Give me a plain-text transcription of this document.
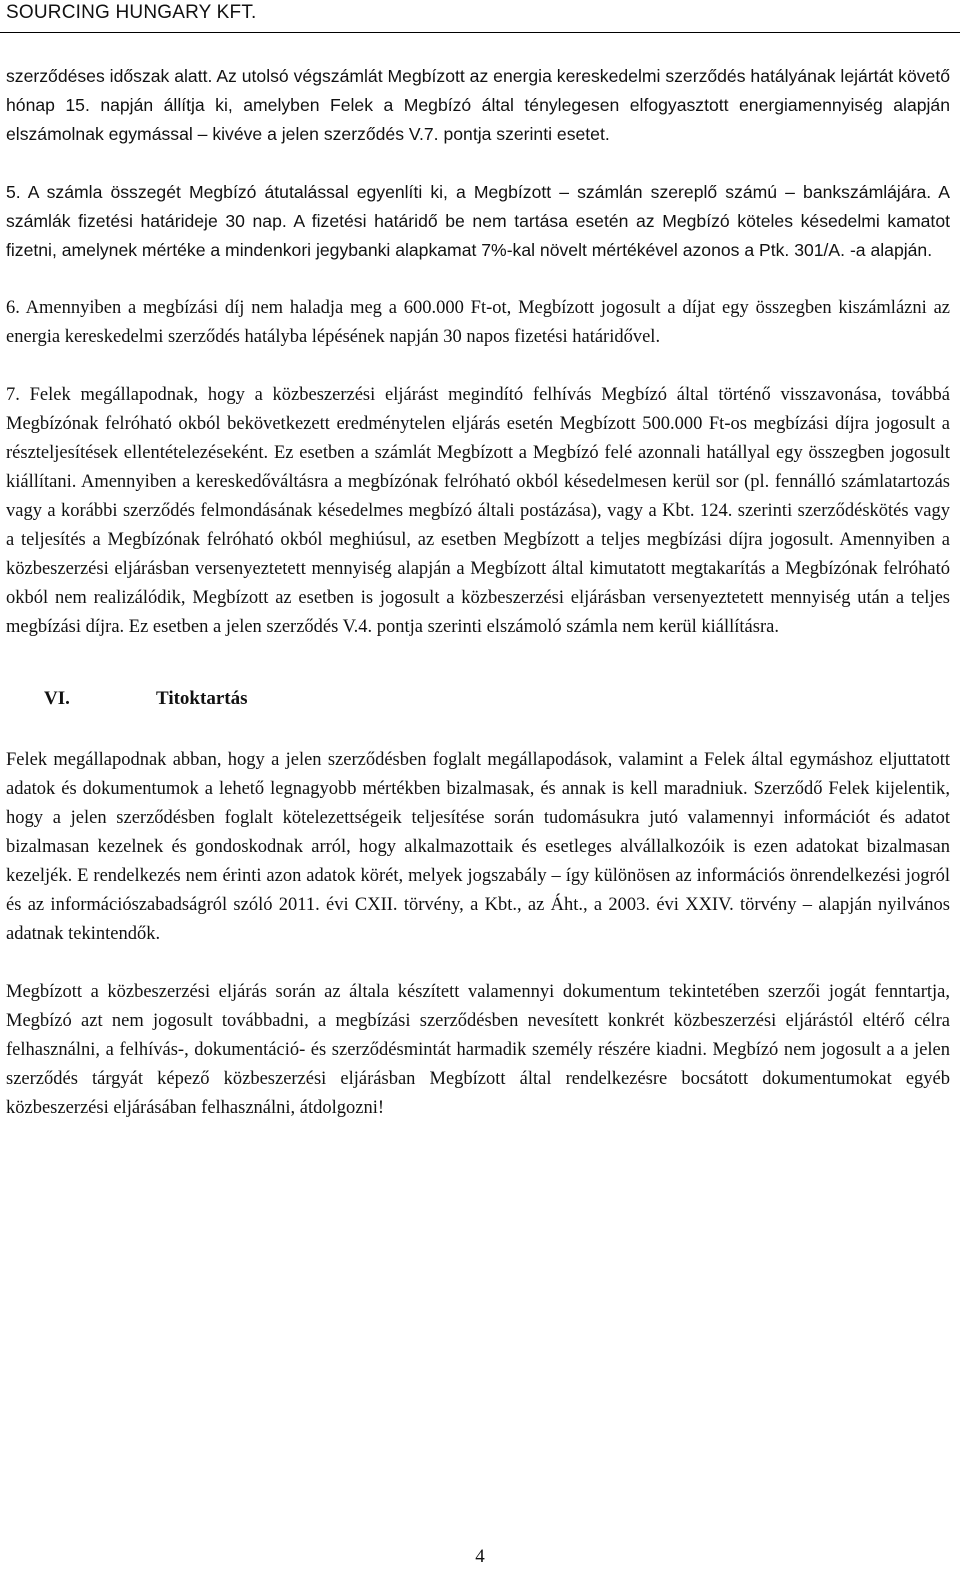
SOURCING HUNGARY KFT.

szerződéses időszak alatt. Az utolsó végszámlát Megbízott az energia kereskedelmi szerződés hatályának lejártát követő hónap 15. napján állítja ki, amelyben Felek a Megbízó által ténylegesen elfogyasztott energiamennyiség alapján elszámolnak egymással – kivéve a jelen szerződés V.7. pontja szerinti esetet.

5. A számla összegét Megbízó átutalással egyenlíti ki, a Megbízott – számlán szereplő számú – bankszámlájára. A számlák fizetési határideje 30 nap. A fizetési határidő be nem tartása esetén az Megbízó köteles késedelmi kamatot fizetni, amelynek mértéke a mindenkori jegybanki alapkamat 7%-kal növelt mértékével azonos a Ptk. 301/A. -a alapján.

6. Amennyiben a megbízási díj nem haladja meg a 600.000 Ft-ot, Megbízott jogosult a díjat egy összegben kiszámlázni az energia kereskedelmi szerződés hatályba lépésének napján 30 napos fizetési határidővel.

7. Felek megállapodnak, hogy a közbeszerzési eljárást megindító felhívás Megbízó által történő visszavonása, továbbá Megbízónak felróható okból bekövetkezett eredménytelen eljárás esetén Megbízott 500.000 Ft-os megbízási díjra jogosult a részteljesítések ellentételezéseként. Ez esetben a számlát Megbízott a Megbízó felé azonnali hatállyal egy összegben jogosult kiállítani. Amennyiben a kereskedőváltásra a megbízónak felróható okból késedelmesen kerül sor (pl. fennálló számlatartozás vagy a korábbi szerződés felmondásának késedelmes megbízó általi postázása), vagy a Kbt. 124. szerinti szerződéskötés vagy a teljesítés a Megbízónak felróható okból meghiúsul, az esetben Megbízott a teljes megbízási díjra jogosult. Amennyiben a közbeszerzési eljárásban versenyeztetett mennyiség alapján a Megbízott által kimutatott megtakarítás a Megbízónak felróható okból nem realizálódik, Megbízott az esetben is jogosult a közbeszerzési eljárásban versenyeztetett mennyiség után a teljes megbízási díjra. Ez esetben a jelen szerződés V.4. pontja szerinti elszámoló számla nem kerül kiállításra.

VI.	Titoktartás

Felek megállapodnak abban, hogy a jelen szerződésben foglalt megállapodások, valamint a Felek által egymáshoz eljuttatott adatok és dokumentumok a lehető legnagyobb mértékben bizalmasak, és annak is kell maradniuk. Szerződő Felek kijelentik, hogy a jelen szerződésben foglalt kötelezettségeik teljesítése során tudomásukra jutó valamennyi információt és adatot bizalmasan kezelnek és gondoskodnak arról, hogy alkalmazottaik és esetleges alvállalkozóik is ezen adatokat bizalmasan kezeljék. E rendelkezés nem érinti azon adatok körét, melyek jogszabály – így különösen az információs önrendelkezési jogról és az információszabadságról szóló 2011. évi CXII. törvény, a Kbt., az Áht., a 2003. évi XXIV. törvény – alapján nyilvános adatnak tekintendők.

Megbízott a közbeszerzési eljárás során az általa készített valamennyi dokumentum tekintetében szerzői jogát fenntartja, Megbízó azt nem jogosult továbbadni, a megbízási szerződésben nevesített konkrét közbeszerzési eljárástól eltérő célra felhasználni, a felhívás-, dokumentáció- és szerződésmintát harmadik személy részére kiadni. Megbízó nem jogosult a a jelen szerződés tárgyát képező közbeszerzési eljárásban Megbízott által rendelkezésre bocsátott dokumentumokat egyéb közbeszerzési eljárásában felhasználni, átdolgozni!

4
